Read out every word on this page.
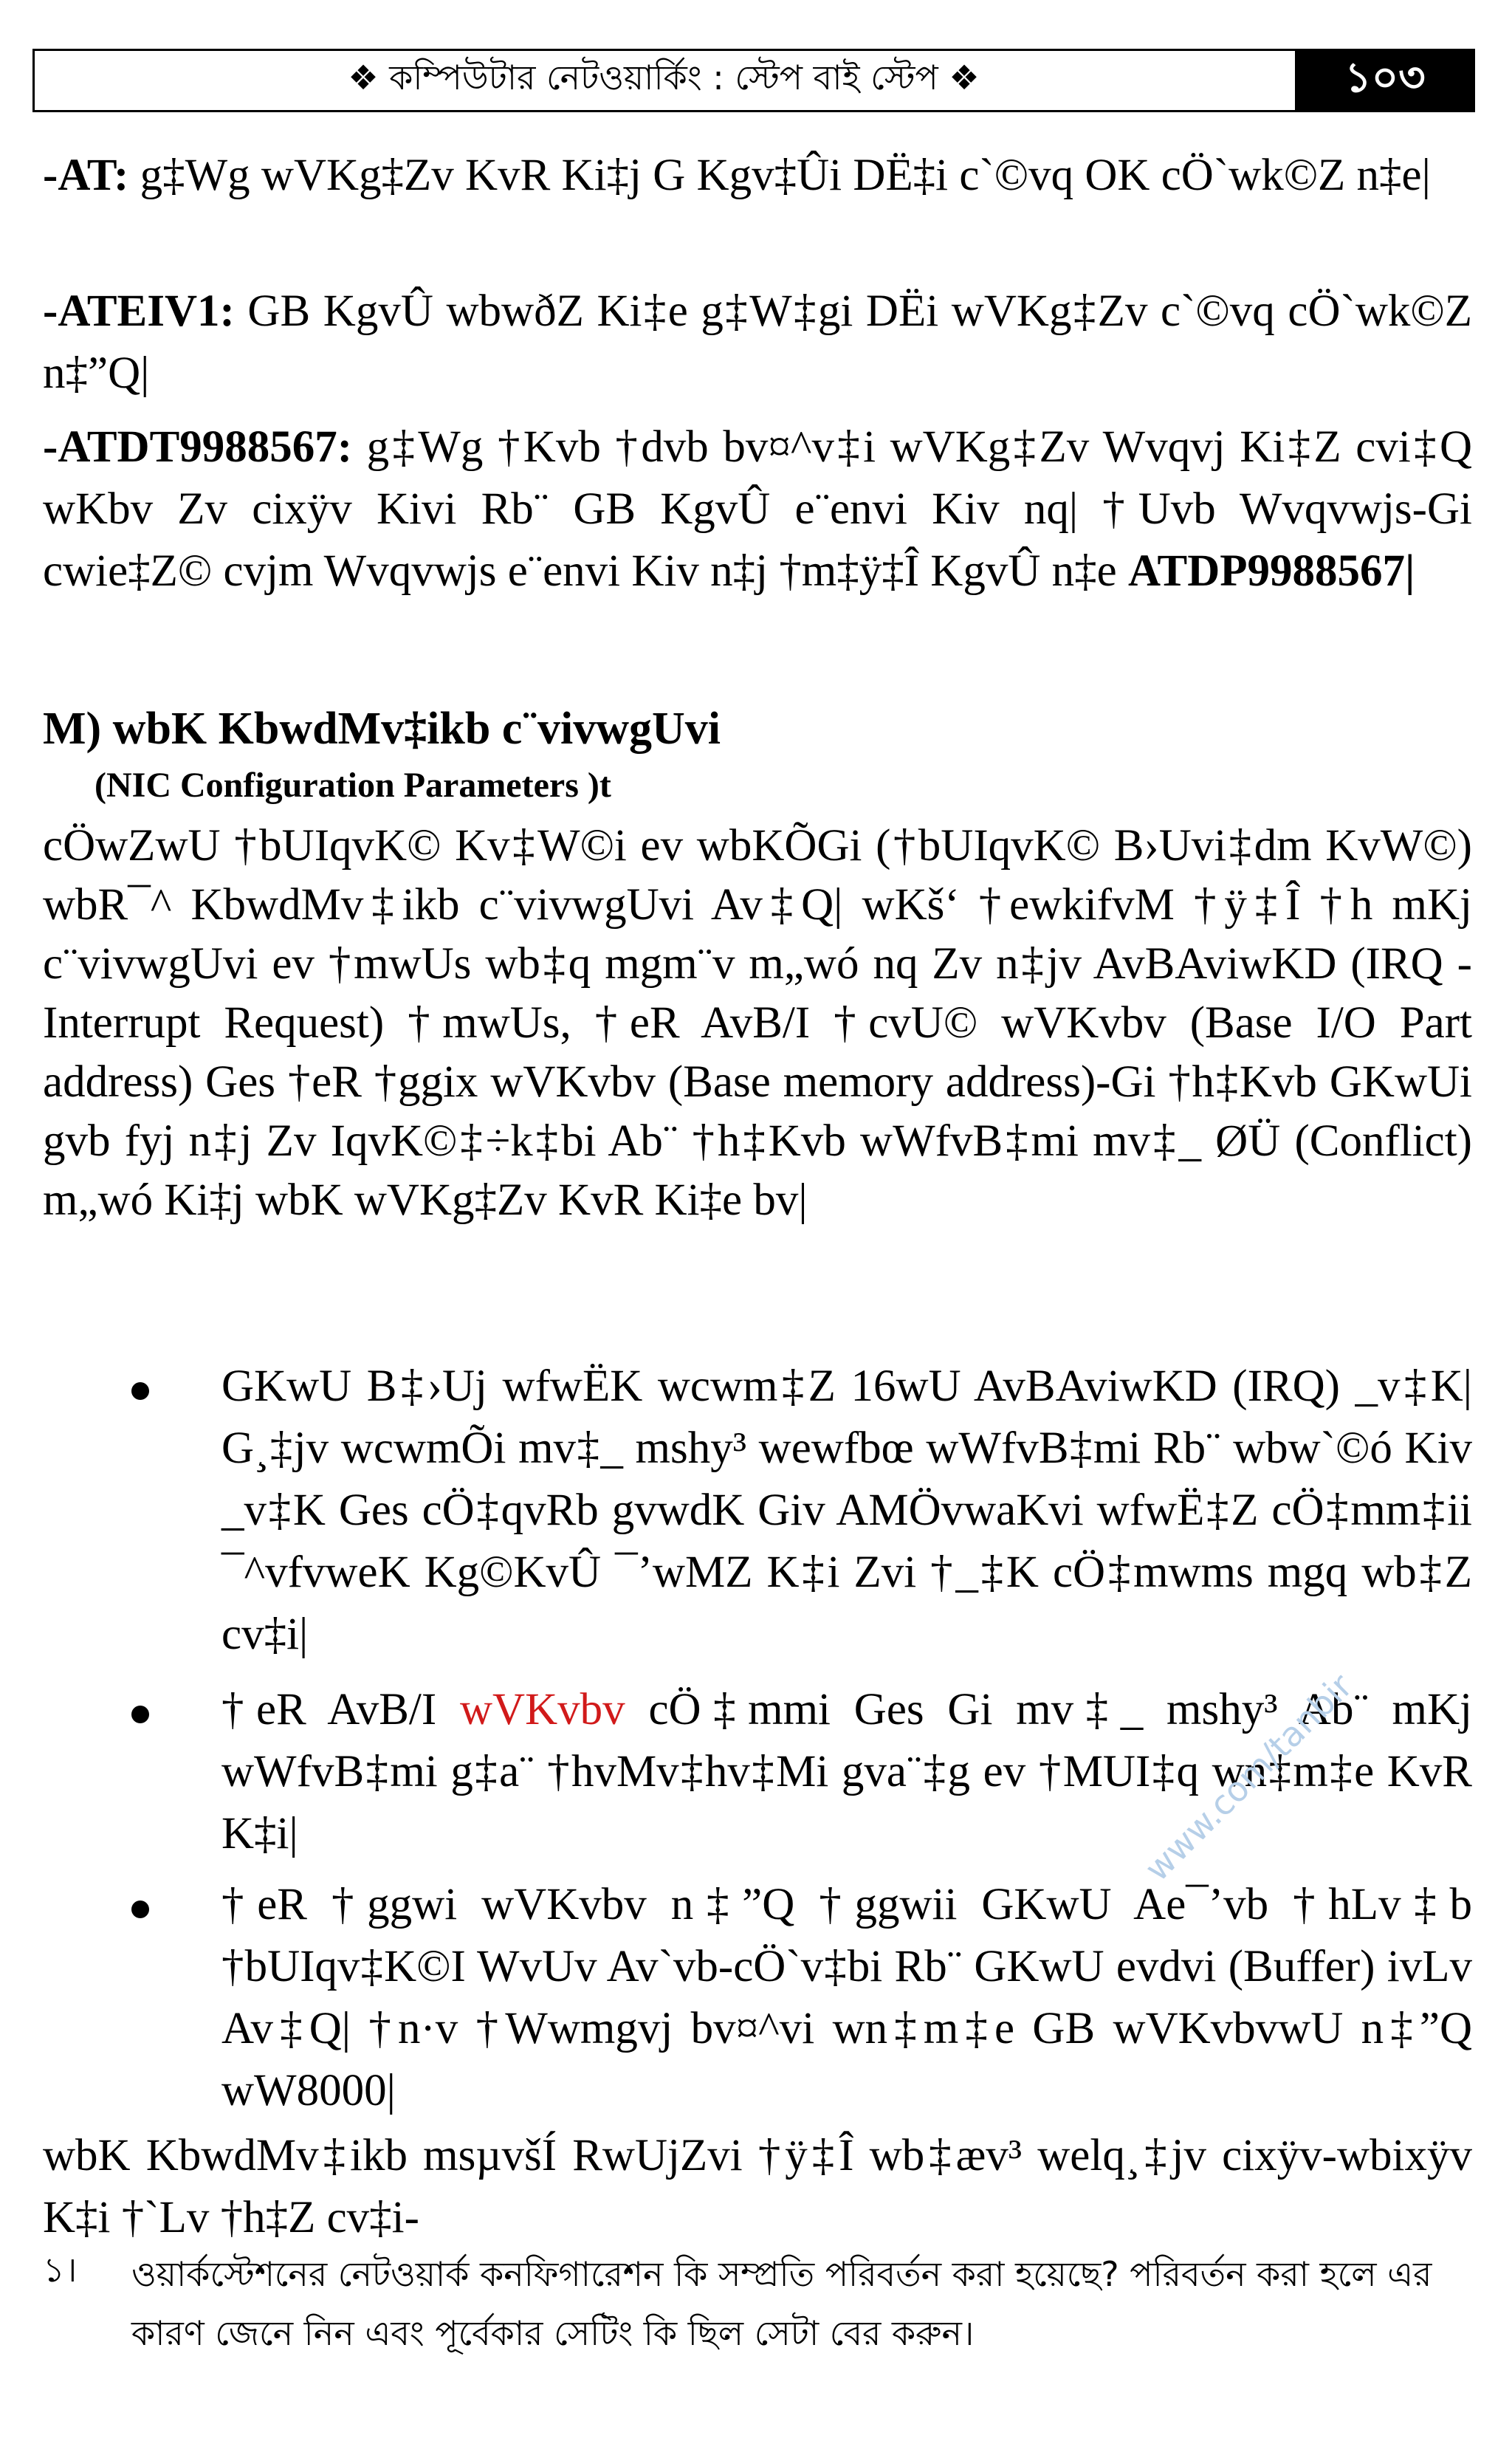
❖ কম্পিউটার নেটওয়ার্কিং : স্টেপ বাই স্টেপ ❖	১০৩
-AT: g‡Wg wVKg‡Zv KvR Ki‡j G Kgv‡Ûi DË‡i c`©vq OK cÖ`wk©Z n‡e|
-ATEIV1: GB KgvÛ wbwðZ Ki‡e g‡W‡gi DËi wVKg‡Zv c`©vq cÖ`wk©Z n‡”Q|
-ATDT9988567: g‡Wg †Kvb †dvb bv¤^v‡i wVKg‡Zv Wvqvj Ki‡Z cvi‡Q wKbv Zv cixÿv Kivi Rb¨ GB KgvÛ e¨envi Kiv nq| †Uvb Wvqvwjs-Gi cwie‡Z© cvjm Wvqvwjs e¨envi Kiv n‡j †m‡ÿ‡Î KgvÛ n‡e ATDP9988567|
M) wbK KbwdMv‡ikb c¨vivwgUvi
(NIC Configuration Parameters )t
cÖwZwU †bUIqvK© Kv‡W©i ev wbKÕGi (†bUIqvK© B›Uvi‡dm KvW©) wbR¯^ KbwdMv‡ikb c¨vivwgUvi Av‡Q| wKš‘ †ewkifvM †ÿ‡Î †h mKj c¨vivwgUvi ev †mwUs wb‡q mgm¨v m„wó nq Zv n‡jv AvBAviwKD (IRQ - Interrupt Request) †mwUs, †eR AvB/I †cvU© wVKvbv (Base I/O Part address) Ges †eR †ggix wVKvbv (Base memory address)-Gi †h‡Kvb GKwUi gvb fyj n‡j Zv IqvK©‡÷k‡bi Ab¨ †h‡Kvb wWfvB‡mi mv‡_ ØÜ (Conflict) m„wó Ki‡j wbK wVKg‡Zv KvR Ki‡e bv|
GKwU B‡›Uj wfwËK wcwm‡Z 16wU AvBAviwKD (IRQ) _v‡K| G¸‡jv wcwmÕi mv‡_ mshy³ wewfbœ wWfvB‡mi Rb¨ wbw`©ó Kiv _v‡K Ges cÖ‡qvRb gvwdK Giv AMÖvwaKvi wfwË‡Z cÖ‡mm‡ii ¯^vfvweK Kg©KvÛ ¯’wMZ K‡i Zvi †_‡K cÖ‡mwms mgq wb‡Z cv‡i|
†eR AvB/I wVKvbv cÖ‡mmi Ges Gi mv‡_ mshy³ Ab¨ mKj wWfvB‡mi g‡a¨ †hvMv‡hv‡Mi gva¨‡g ev †MUI‡q wn‡m‡e KvR K‡i|
†eR †ggwi wVKvbv n‡”Q †ggwii GKwU Ae¯’vb †hLv‡b †bUIqv‡K©I WvUv Av`vb-cÖ`v‡bi Rb¨ GKwU evdvi (Buffer) ivLv Av‡Q| †n·v †Wwmgvj bv¤^vi wn‡m‡e GB wVKvbvwU n‡”Q wW8000|
www.com/tanbir
wbK KbwdMv‡ikb msµvšÍ RwUjZvi †ÿ‡Î wb‡æv³ welq¸‡jv cixÿv-wbixÿv K‡i †`Lv †h‡Z cv‡i-
১। ওয়ার্কস্টেশনের নেটওয়ার্ক কনফিগারেশন কি সম্প্রতি পরিবর্তন করা হয়েছে? পরিবর্তন করা হলে এর কারণ জেনে নিন এবং পূর্বেকার সেটিং কি ছিল সেটা বের করুন।
